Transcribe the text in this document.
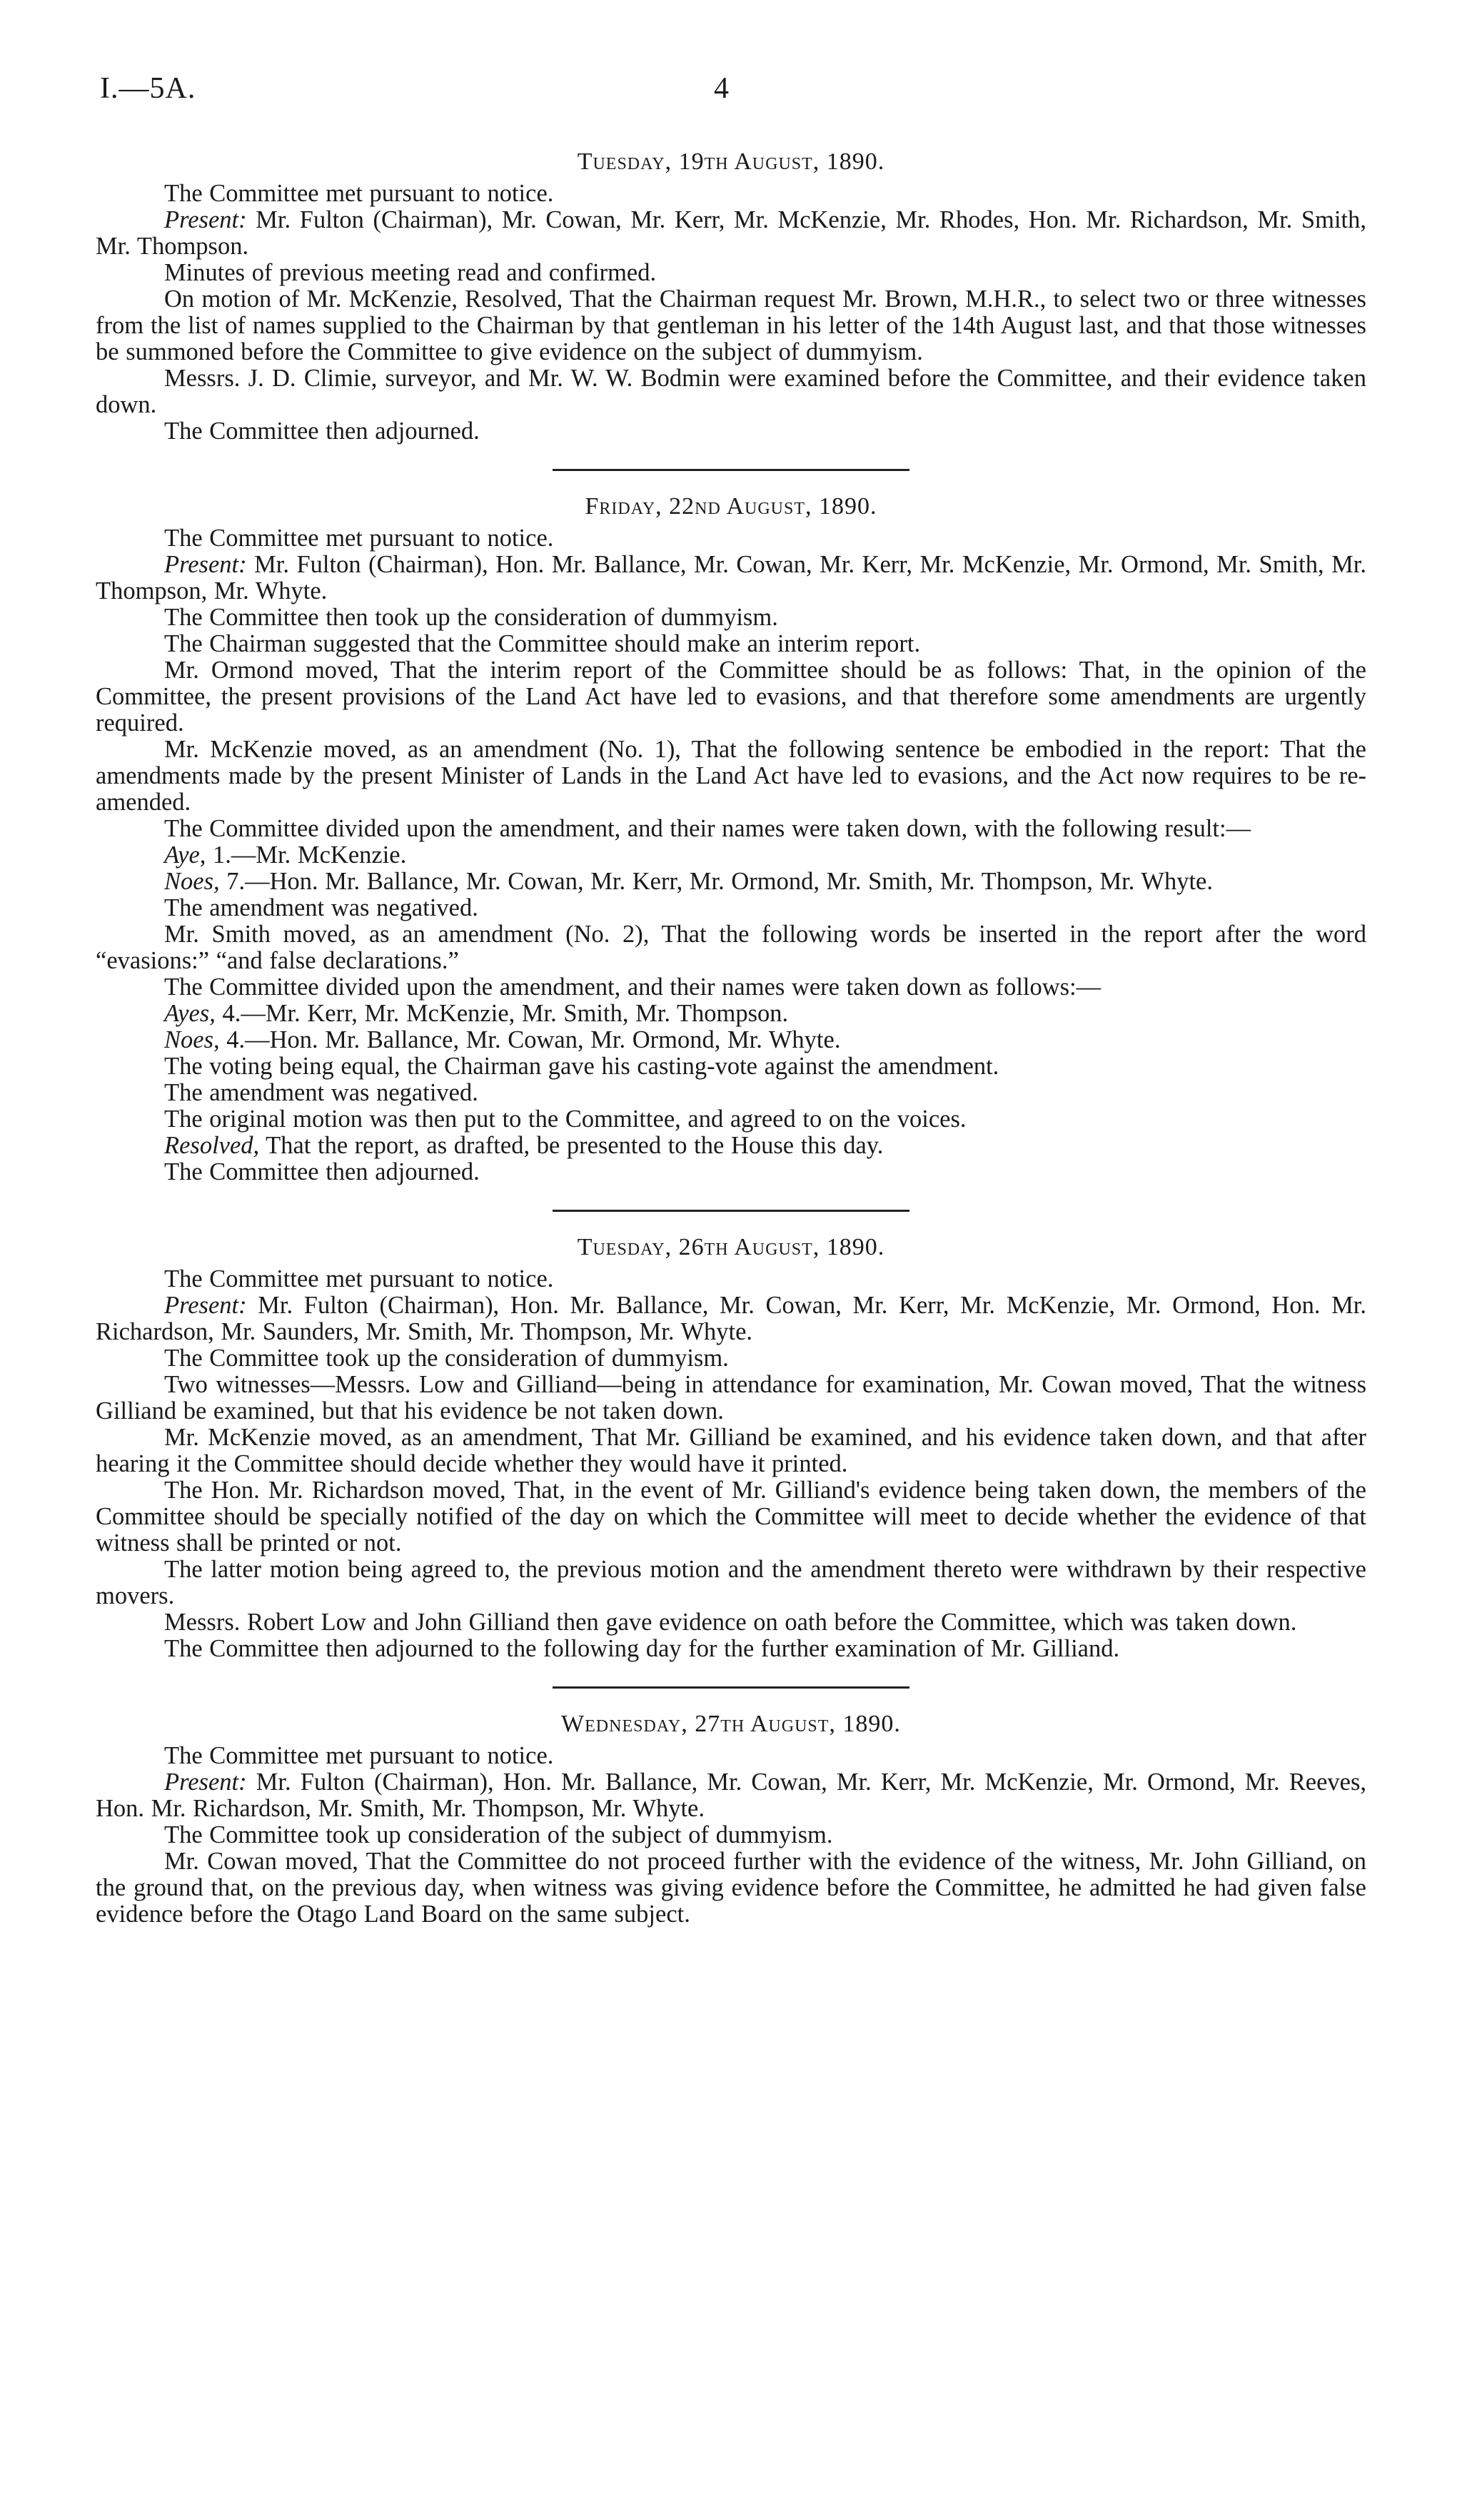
I.—5A.	4
Tuesday, 19th August, 1890.

The Committee met pursuant to notice.

Present: Mr. Fulton (Chairman), Mr. Cowan, Mr. Kerr, Mr. McKenzie, Mr. Rhodes, Hon. Mr. Richardson, Mr. Smith, Mr. Thompson.

Minutes of previous meeting read and confirmed.

On motion of Mr. McKenzie, Resolved, That the Chairman request Mr. Brown, M.H.R., to select two or three witnesses from the list of names supplied to the Chairman by that gentleman in his letter of the 14th August last, and that those witnesses be summoned before the Committee to give evidence on the subject of dummyism.

Messrs. J. D. Climie, surveyor, and Mr. W. W. Bodmin were examined before the Committee, and their evidence taken down.

The Committee then adjourned.

Friday, 22nd August, 1890.

The Committee met pursuant to notice.

Present: Mr. Fulton (Chairman), Hon. Mr. Ballance, Mr. Cowan, Mr. Kerr, Mr. McKenzie, Mr. Ormond, Mr. Smith, Mr. Thompson, Mr. Whyte.

The Committee then took up the consideration of dummyism.

The Chairman suggested that the Committee should make an interim report.

Mr. Ormond moved, That the interim report of the Committee should be as follows: That, in the opinion of the Committee, the present provisions of the Land Act have led to evasions, and that therefore some amendments are urgently required.

Mr. McKenzie moved, as an amendment (No. 1), That the following sentence be embodied in the report: That the amendments made by the present Minister of Lands in the Land Act have led to evasions, and the Act now requires to be re-amended.

The Committee divided upon the amendment, and their names were taken down, with the following result:—

Aye, 1.—Mr. McKenzie.

Noes, 7.—Hon. Mr. Ballance, Mr. Cowan, Mr. Kerr, Mr. Ormond, Mr. Smith, Mr. Thompson, Mr. Whyte.

The amendment was negatived.

Mr. Smith moved, as an amendment (No. 2), That the following words be inserted in the report after the word “evasions:” “and false declarations.”

The Committee divided upon the amendment, and their names were taken down as follows:—

Ayes, 4.—Mr. Kerr, Mr. McKenzie, Mr. Smith, Mr. Thompson.

Noes, 4.—Hon. Mr. Ballance, Mr. Cowan, Mr. Ormond, Mr. Whyte.

The voting being equal, the Chairman gave his casting-vote against the amendment.

The amendment was negatived.

The original motion was then put to the Committee, and agreed to on the voices.

Resolved, That the report, as drafted, be presented to the House this day.

The Committee then adjourned.

Tuesday, 26th August, 1890.

The Committee met pursuant to notice.

Present: Mr. Fulton (Chairman), Hon. Mr. Ballance, Mr. Cowan, Mr. Kerr, Mr. McKenzie, Mr. Ormond, Hon. Mr. Richardson, Mr. Saunders, Mr. Smith, Mr. Thompson, Mr. Whyte.

The Committee took up the consideration of dummyism.

Two witnesses—Messrs. Low and Gilliand—being in attendance for examination, Mr. Cowan moved, That the witness Gilliand be examined, but that his evidence be not taken down.

Mr. McKenzie moved, as an amendment, That Mr. Gilliand be examined, and his evidence taken down, and that after hearing it the Committee should decide whether they would have it printed.

The Hon. Mr. Richardson moved, That, in the event of Mr. Gilliand's evidence being taken down, the members of the Committee should be specially notified of the day on which the Committee will meet to decide whether the evidence of that witness shall be printed or not.

The latter motion being agreed to, the previous motion and the amendment thereto were withdrawn by their respective movers.

Messrs. Robert Low and John Gilliand then gave evidence on oath before the Committee, which was taken down.

The Committee then adjourned to the following day for the further examination of Mr. Gilliand.

Wednesday, 27th August, 1890.

The Committee met pursuant to notice.

Present: Mr. Fulton (Chairman), Hon. Mr. Ballance, Mr. Cowan, Mr. Kerr, Mr. McKenzie, Mr. Ormond, Mr. Reeves, Hon. Mr. Richardson, Mr. Smith, Mr. Thompson, Mr. Whyte.

The Committee took up consideration of the subject of dummyism.

Mr. Cowan moved, That the Committee do not proceed further with the evidence of the witness, Mr. John Gilliand, on the ground that, on the previous day, when witness was giving evidence before the Committee, he admitted he had given false evidence before the Otago Land Board on the same subject.
